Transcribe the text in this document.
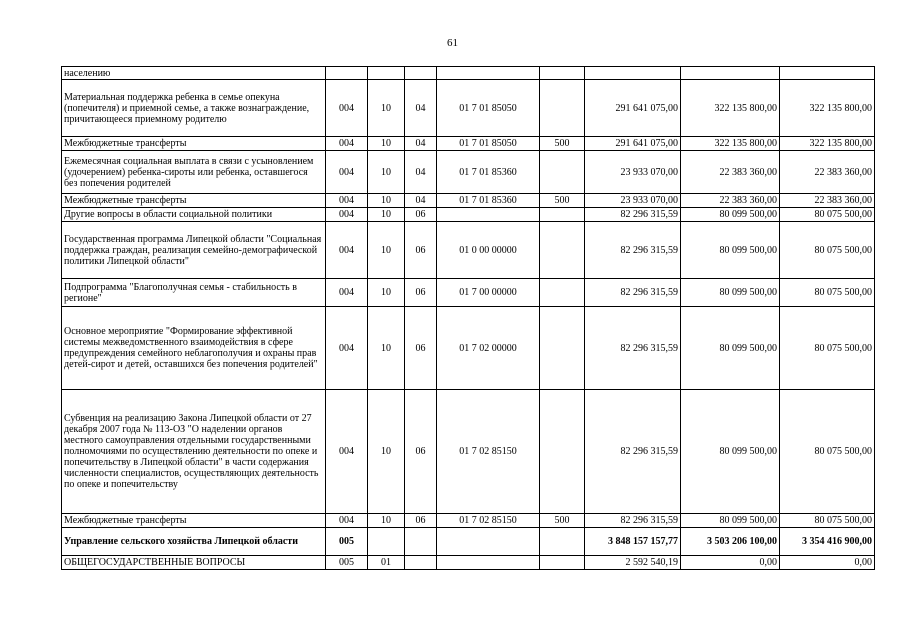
61
населению								
Материальная поддержка ребенка в семье опекуна (попечителя) и приемной семье, а также вознаграждение, причитающееся приемному родителю	004	10	04	01 7 01 85050		291 641 075,00	322 135 800,00	322 135 800,00
Межбюджетные трансферты	004	10	04	01 7 01 85050	500	291 641 075,00	322 135 800,00	322 135 800,00
Ежемесячная социальная выплата в связи с усыновлением (удочерением) ребенка-сироты или ребенка, оставшегося без попечения родителей	004	10	04	01 7 01 85360		23 933 070,00	22 383 360,00	22 383 360,00
Межбюджетные трансферты	004	10	04	01 7 01 85360	500	23 933 070,00	22 383 360,00	22 383 360,00
Другие вопросы в области социальной политики	004	10	06			82 296 315,59	80 099 500,00	80 075 500,00
Государственная программа Липецкой области "Социальная поддержка граждан, реализация семейно-демографической политики Липецкой области"	004	10	06	01 0 00 00000		82 296 315,59	80 099 500,00	80 075 500,00
Подпрограмма "Благополучная семья - стабильность в регионе"	004	10	06	01 7 00 00000		82 296 315,59	80 099 500,00	80 075 500,00
Основное мероприятие "Формирование эффективной системы межведомственного взаимодействия в сфере предупреждения семейного неблагополучия и охраны прав детей-сирот и детей, оставшихся без попечения родителей"	004	10	06	01 7 02 00000		82 296 315,59	80 099 500,00	80 075 500,00
Субвенция на реализацию Закона Липецкой области от 27 декабря 2007 года № 113-ОЗ "О наделении органов местного самоуправления отдельными государственными полномочиями по осуществлению деятельности по опеке и попечительству в Липецкой области" в части содержания численности специалистов, осуществляющих деятельность по опеке и попечительству	004	10	06	01 7 02 85150		82 296 315,59	80 099 500,00	80 075 500,00
Межбюджетные трансферты	004	10	06	01 7 02 85150	500	82 296 315,59	80 099 500,00	80 075 500,00
Управление сельского хозяйства Липецкой области	005					3 848 157 157,77	3 503 206 100,00	3 354 416 900,00
ОБЩЕГОСУДАРСТВЕННЫЕ ВОПРОСЫ	005	01				2 592 540,19	0,00	0,00
